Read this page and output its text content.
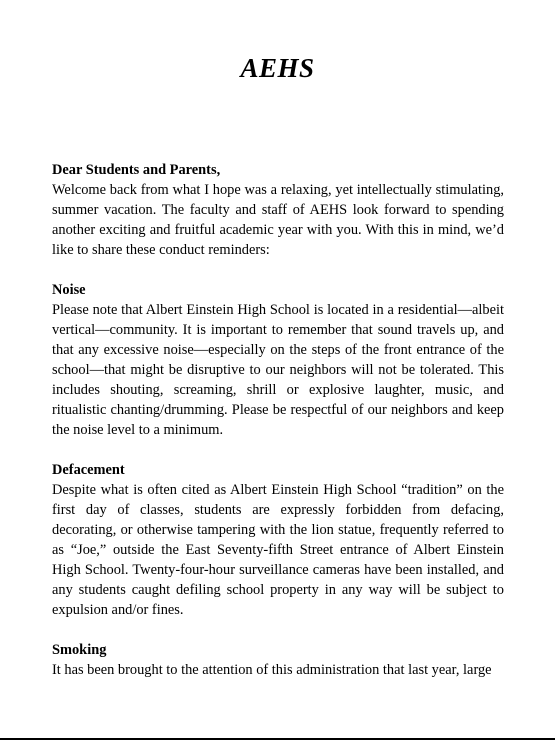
AEHS

Dear Students and Parents,

Welcome back from what I hope was a relaxing, yet intellectually stimulating, summer vacation. The faculty and staff of AEHS look forward to spending another exciting and fruitful academic year with you. With this in mind, we’d like to share these conduct reminders:

Noise

Please note that Albert Einstein High School is located in a residential—albeit vertical—community. It is important to remember that sound travels up, and that any excessive noise—especially on the steps of the front entrance of the school—that might be disruptive to our neighbors will not be tolerated. This includes shouting, screaming, shrill or explosive laughter, music, and ritualistic chanting/drumming. Please be respectful of our neighbors and keep the noise level to a minimum.

Defacement

Despite what is often cited as Albert Einstein High School “tradition” on the first day of classes, students are expressly forbidden from defacing, decorating, or otherwise tampering with the lion statue, frequently referred to as “Joe,” outside the East Seventy-fifth Street entrance of Albert Einstein High School. Twenty-four-hour surveillance cameras have been installed, and any students caught defiling school property in any way will be subject to expulsion and/or fines.

Smoking

It has been brought to the attention of this administration that last year, large
